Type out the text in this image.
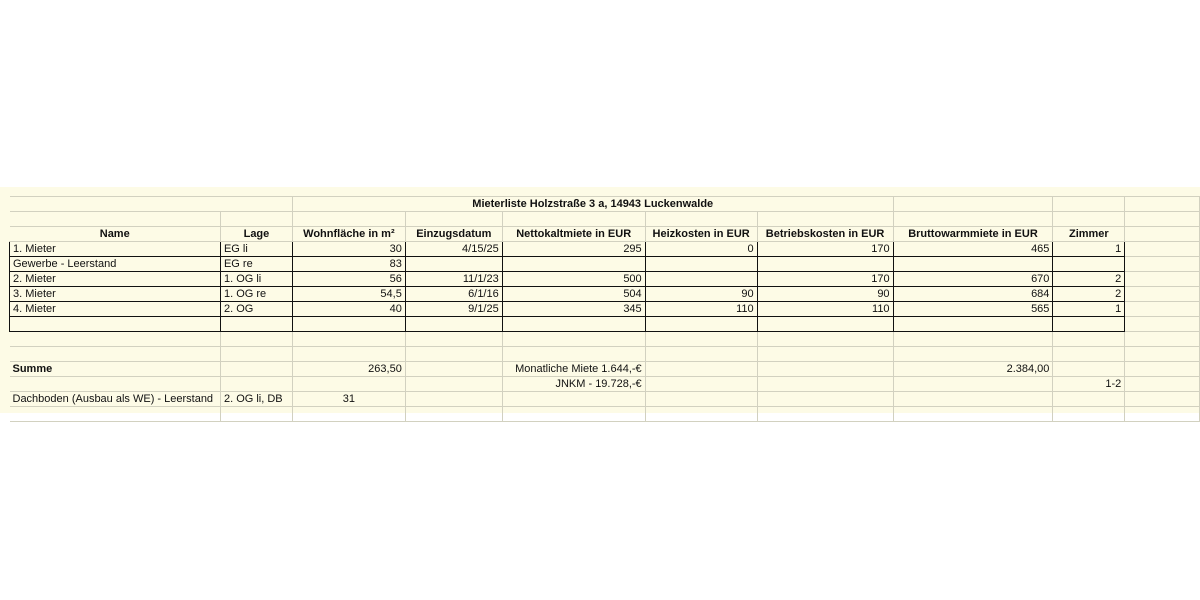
		Mieterliste Holzstraße 3 a, 14943 Luckenwalde							

Name	Lage	Wohnfläche in m²	Einzugsdatum	Nettokaltmiete in EUR	Heizkosten in EUR	Betriebskosten in EUR	Bruttowarmmiete in EUR	Zimmer	
1. Mieter	EG li	30	4/15/25	295	0	170	465	1	
Gewerbe - Leerstand	EG re	83							
2. Mieter	1. OG li	56	11/1/23	500		170	670	2	
3. Mieter	1. OG re	54,5	6/1/16	504	90	90	684	2	
4. Mieter	2. OG	40	9/1/25	345	110	110	565	1	

Summe		263,50		Monatliche Miete 1.644,-€			2.384,00		
				JNKM - 19.728,-€				1-2	
Dachboden (Ausbau als WE) - Leerstand	2. OG li, DB	31							
